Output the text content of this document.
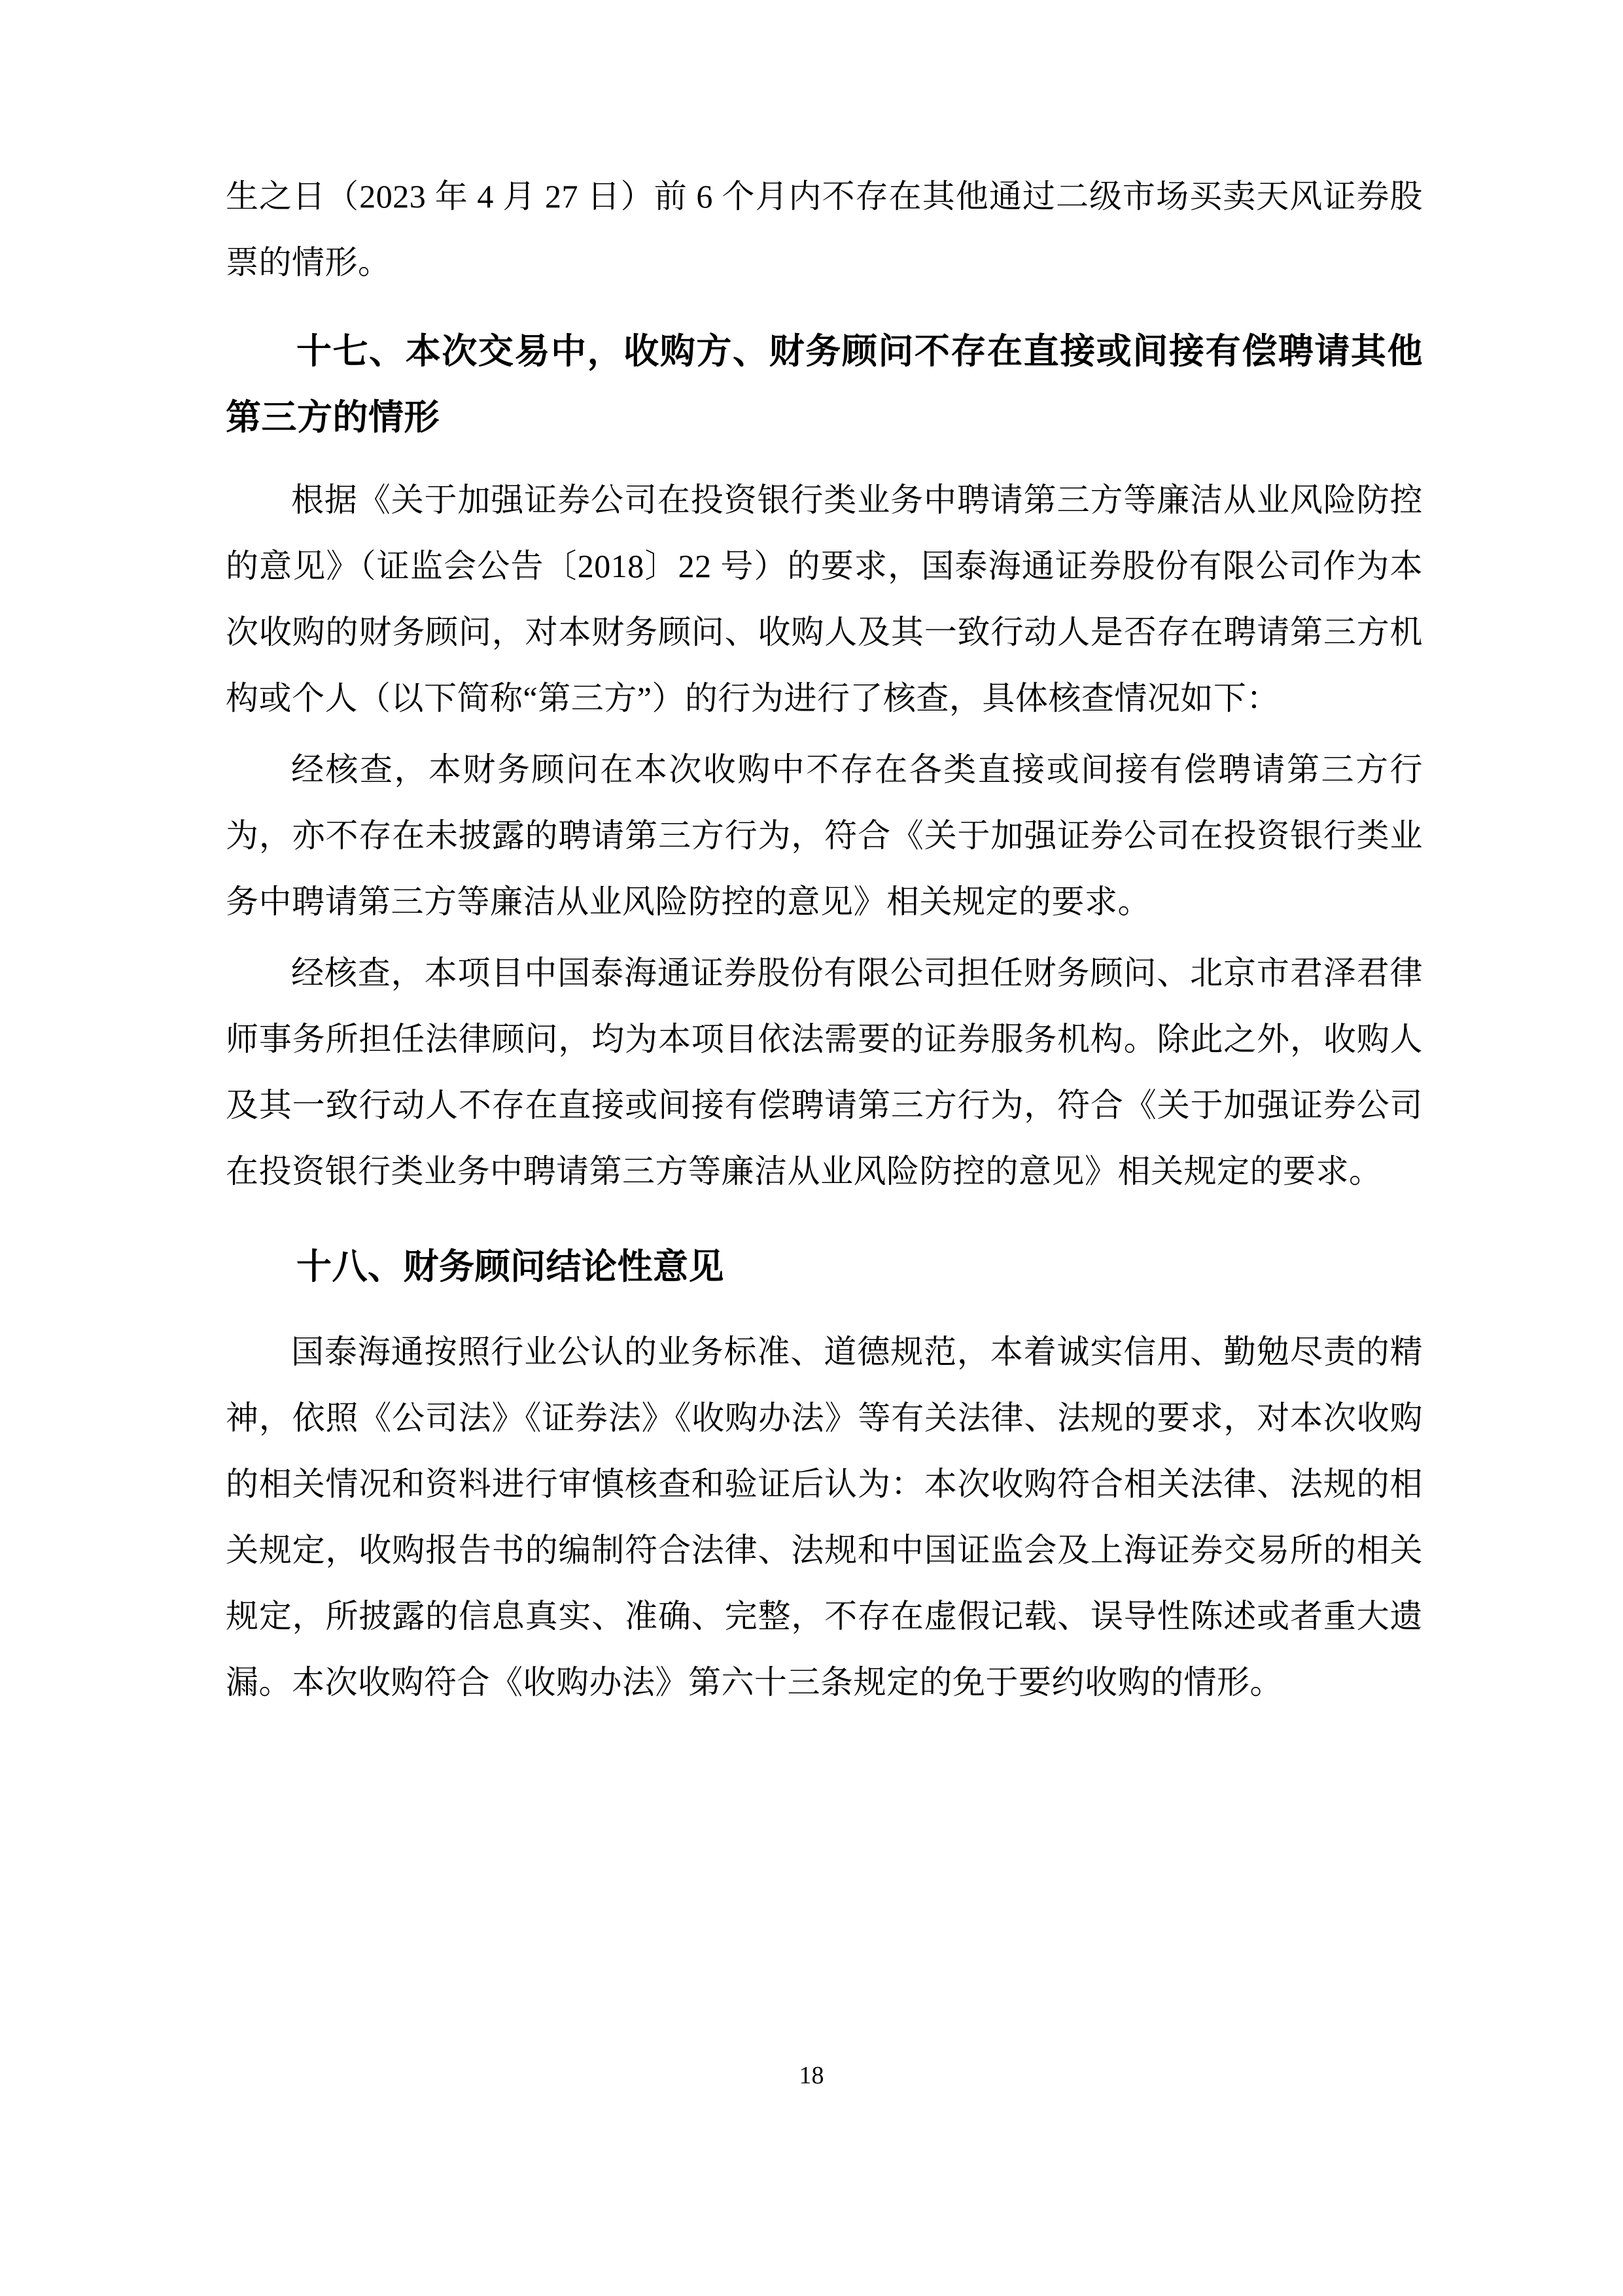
生之日（2023 年 4 月 27 日）前 6 个月内不存在其他通过二级市场买卖天风证券股票的情形。

十七、本次交易中，收购方、财务顾问不存在直接或间接有偿聘请其他第三方的情形

根据《关于加强证券公司在投资银行类业务中聘请第三方等廉洁从业风险防控的意见》（证监会公告〔2018〕22 号）的要求，国泰海通证券股份有限公司作为本次收购的财务顾问，对本财务顾问、收购人及其一致行动人是否存在聘请第三方机构或个人（以下简称“第三方”）的行为进行了核查，具体核查情况如下：

经核查，本财务顾问在本次收购中不存在各类直接或间接有偿聘请第三方行为，亦不存在未披露的聘请第三方行为，符合《关于加强证券公司在投资银行类业务中聘请第三方等廉洁从业风险防控的意见》相关规定的要求。

经核查，本项目中国泰海通证券股份有限公司担任财务顾问、北京市君泽君律师事务所担任法律顾问，均为本项目依法需要的证券服务机构。除此之外，收购人及其一致行动人不存在直接或间接有偿聘请第三方行为，符合《关于加强证券公司在投资银行类业务中聘请第三方等廉洁从业风险防控的意见》相关规定的要求。

十八、财务顾问结论性意见

国泰海通按照行业公认的业务标准、道德规范，本着诚实信用、勤勉尽责的精神，依照《公司法》《证券法》《收购办法》等有关法律、法规的要求，对本次收购的相关情况和资料进行审慎核查和验证后认为：本次收购符合相关法律、法规的相关规定，收购报告书的编制符合法律、法规和中国证监会及上海证券交易所的相关规定，所披露的信息真实、准确、完整，不存在虚假记载、误导性陈述或者重大遗漏。本次收购符合《收购办法》第六十三条规定的免于要约收购的情形。

18
